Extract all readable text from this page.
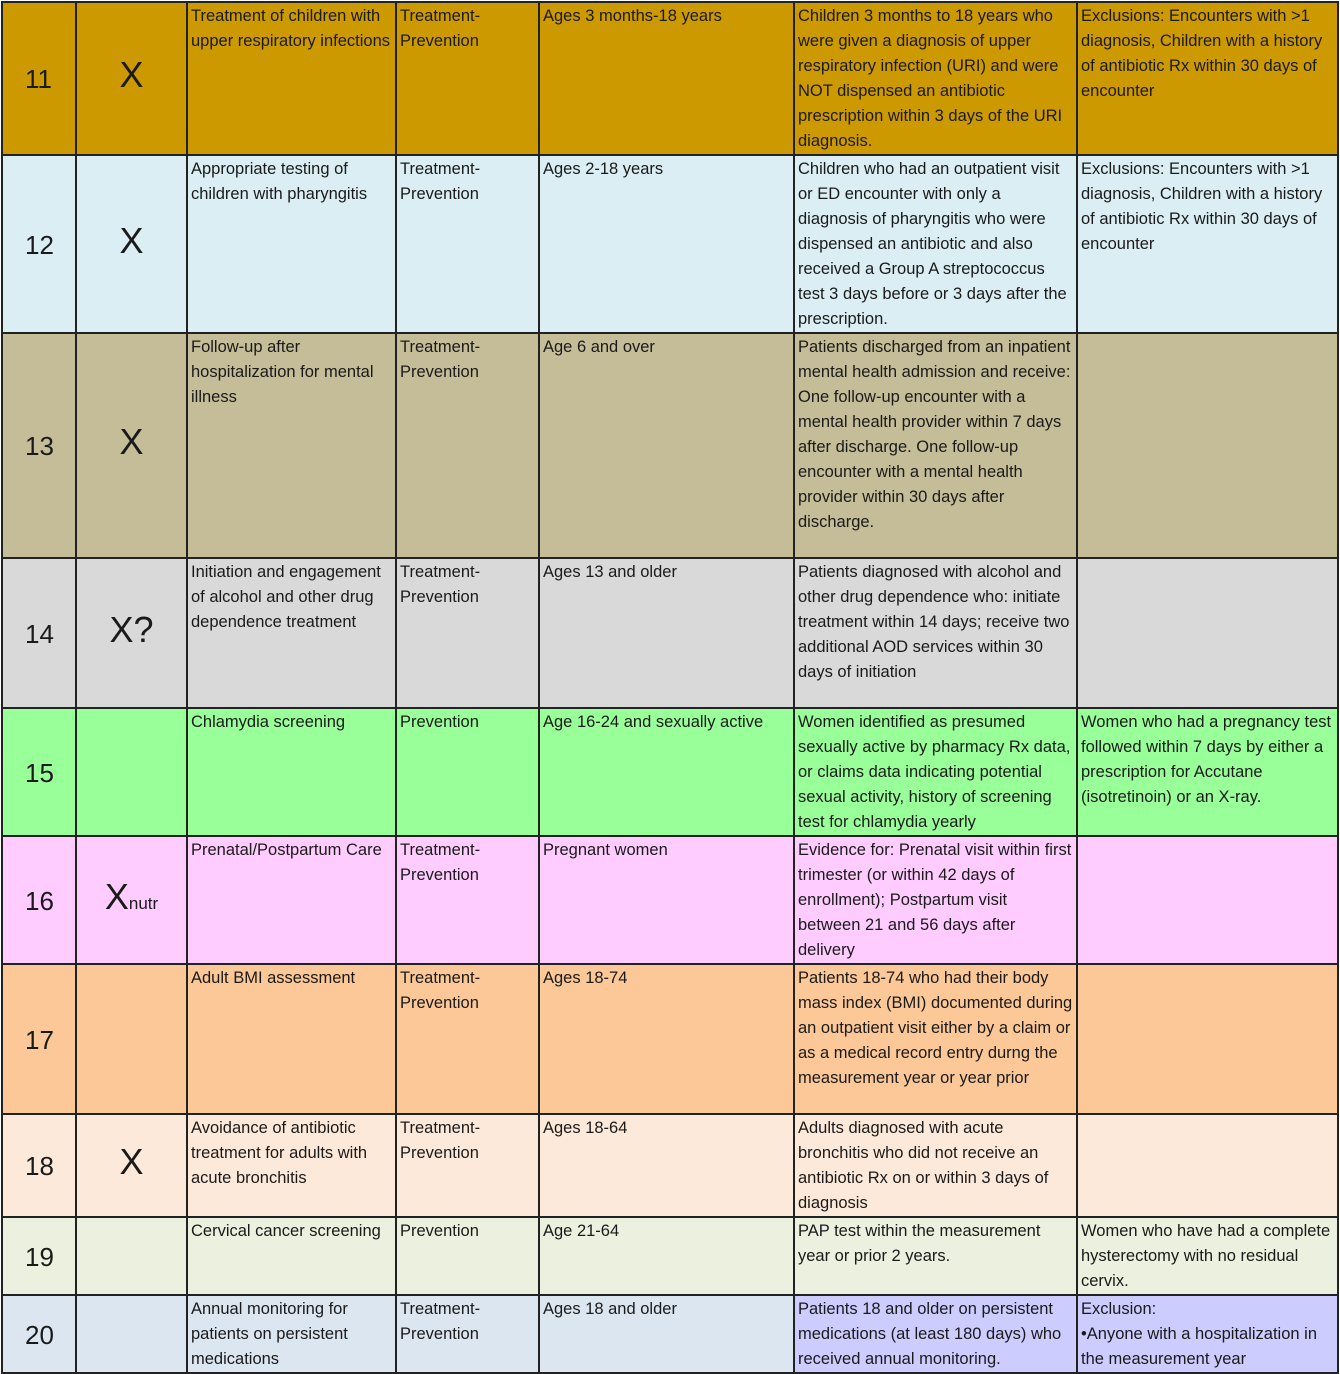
11	X	Treatment of children with upper respiratory infections	Treatment-Prevention	Ages 3 months-18 years	Children 3 months to 18 years who were given a diagnosis of upper respiratory infection (URI) and were NOT dispensed an antibiotic prescription within 3 days of the URI diagnosis.	Exclusions: Encounters with >1 diagnosis, Children with a history of antibiotic Rx within 30 days of encounter
12	X	Appropriate testing of children with pharyngitis	Treatment-Prevention	Ages 2-18 years	Children who had an outpatient visit or ED encounter with only a diagnosis of pharyngitis who were dispensed an antibiotic and also received a Group A streptococcus test 3 days before or 3 days after the prescription.	Exclusions: Encounters with >1 diagnosis, Children with a history of antibiotic Rx within 30 days of encounter
13	X	Follow-up after hospitalization for mental illness	Treatment-Prevention	Age 6 and over	Patients discharged from an inpatient mental health admission and receive: One follow-up encounter with a mental health provider within 7 days after discharge. One follow-up encounter with a mental health provider within 30 days after discharge.	
14	X?	Initiation and engagement of alcohol and other drug dependence treatment	Treatment-Prevention	Ages 13 and older	Patients diagnosed with alcohol and other drug dependence who: initiate treatment within 14 days; receive two additional AOD services within 30 days of initiation	
15		Chlamydia screening	Prevention	Age 16-24 and sexually active	Women identified as presumed sexually active by pharmacy Rx data, or claims data indicating potential sexual activity, history of screening test for chlamydia yearly	Women who had a pregnancy test followed within 7 days by either a prescription for Accutane (isotretinoin) or an X-ray.
16	Xnutr	Prenatal/Postpartum Care	Treatment-Prevention	Pregnant women	Evidence for: Prenatal visit within first trimester (or within 42 days of enrollment); Postpartum visit between 21 and 56 days after delivery	
17		Adult BMI assessment	Treatment-Prevention	Ages 18-74	Patients 18-74 who had their body mass index (BMI) documented during an outpatient visit either by a claim or as a medical record entry durng the measurement year or year prior	
18	X	Avoidance of antibiotic treatment for adults with acute bronchitis	Treatment-Prevention	Ages 18-64	Adults diagnosed with acute bronchitis who did not receive an antibiotic Rx on or within 3 days of diagnosis	
19		Cervical cancer screening	Prevention	Age 21-64	PAP test within the measurement year or prior 2 years.	Women who have had a complete hysterectomy with no residual cervix.
20		Annual monitoring for patients on persistent medications	Treatment-Prevention	Ages 18 and older	Patients 18 and older on persistent medications (at least 180 days) who received annual monitoring.	Exclusion:
•Anyone with a hospitalization in the measurement year
